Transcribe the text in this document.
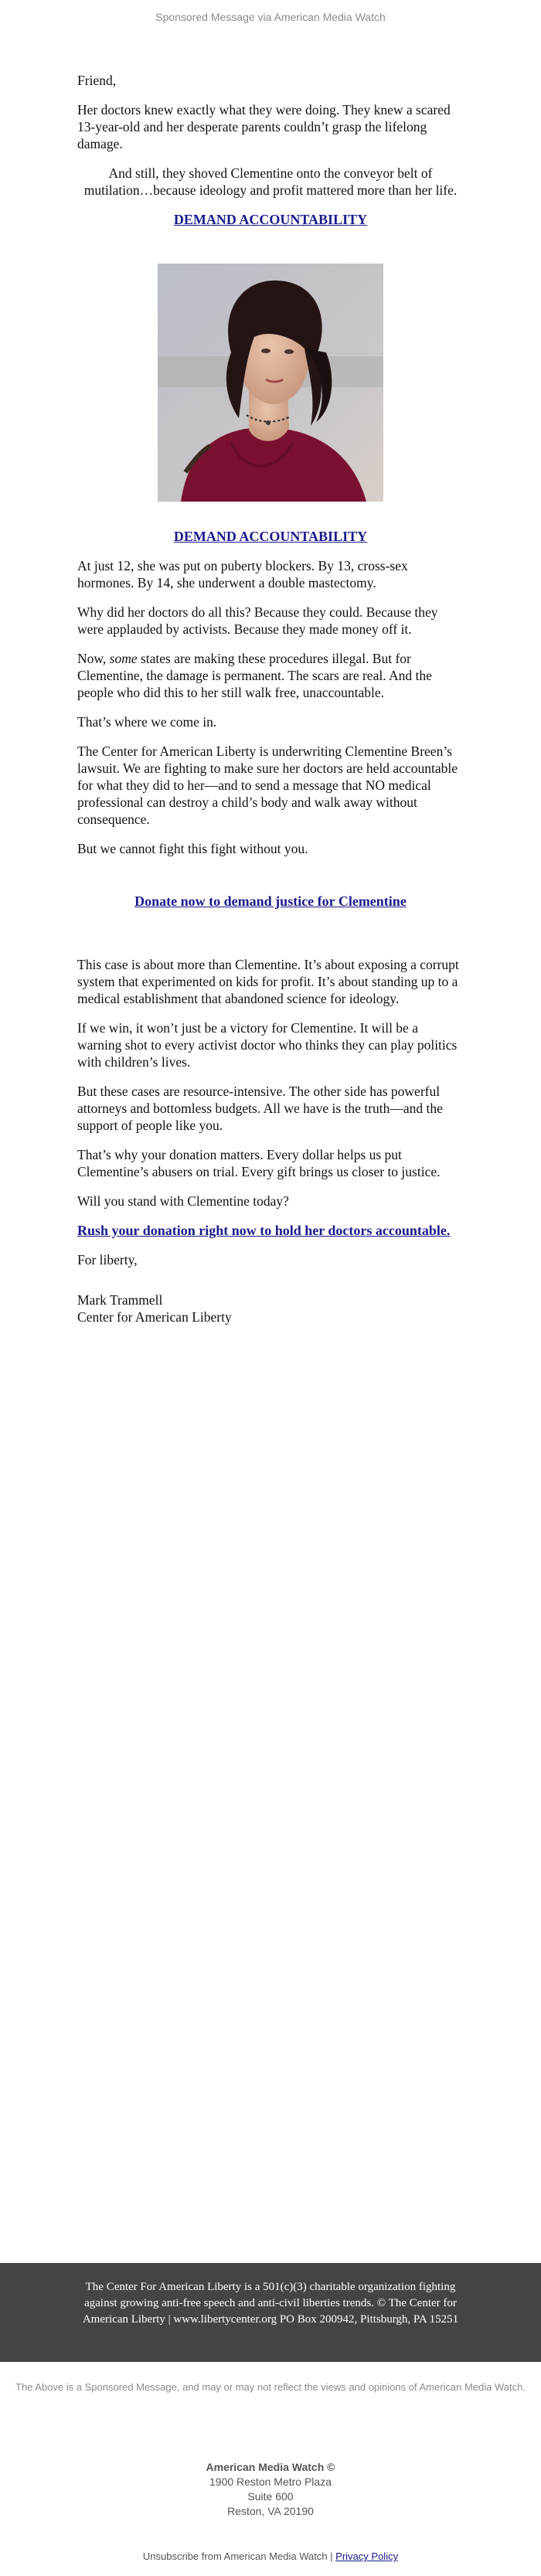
Sponsored Message via American Media Watch

Friend,

Her doctors knew exactly what they were doing. They knew a scared 13-year-old and her desperate parents couldn’t grasp the lifelong damage.

And still, they shoved Clementine onto the conveyor belt of mutilation…because ideology and profit mattered more than her life.

DEMAND ACCOUNTABILITY
DEMAND ACCOUNTABILITY

At just 12, she was put on puberty blockers. By 13, cross-sex hormones. By 14, she underwent a double mastectomy.

Why did her doctors do all this? Because they could. Because they were applauded by activists. Because they made money off it.

Now, some states are making these procedures illegal. But for Clementine, the damage is permanent. The scars are real. And the people who did this to her still walk free, unaccountable.

That’s where we come in.

The Center for American Liberty is underwriting Clementine Breen’s lawsuit. We are fighting to make sure her doctors are held accountable for what they did to her—and to send a message that NO medical professional can destroy a child’s body and walk away without consequence.

But we cannot fight this fight without you.

Donate now to demand justice for Clementine

This case is about more than Clementine. It’s about exposing a corrupt system that experimented on kids for profit. It’s about standing up to a medical establishment that abandoned science for ideology.

If we win, it won’t just be a victory for Clementine. It will be a warning shot to every activist doctor who thinks they can play politics with children’s lives.

But these cases are resource-intensive. The other side has powerful attorneys and bottomless budgets. All we have is the truth—and the support of people like you.

That’s why your donation matters. Every dollar helps us put Clementine’s abusers on trial. Every gift brings us closer to justice.

Will you stand with Clementine today?

Rush your donation right now to hold her doctors accountable.

For liberty,

Mark Trammell
Center for American Liberty
The Center For American Liberty is a 501(c)(3) charitable organization fighting against growing anti-free speech and anti-civil liberties trends. © The Center for American Liberty | www.libertycenter.org PO Box 200942, Pittsburgh, PA 15251
The Above is a Sponsored Message, and may or may not reflect the views and opinions of American Media Watch.
American Media Watch ©
1900 Reston Metro Plaza
Suite 600
Reston, VA 20190
Unsubscribe from American Media Watch | Privacy Policy
